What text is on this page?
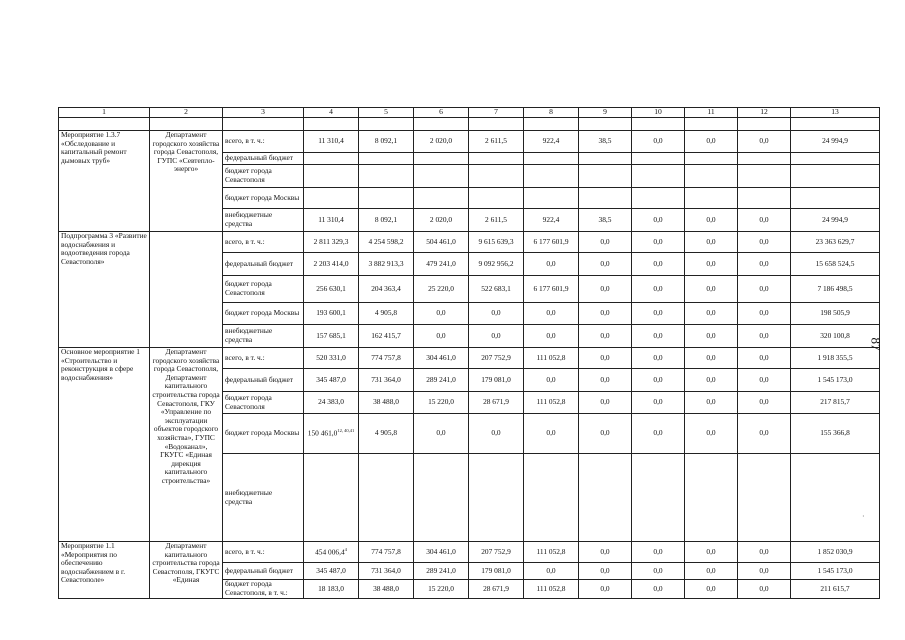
1	2	3	4	5	6	7	8	9	10	11	12	13

Мероприятие 1.3.7 «Обследование и капитальный ремонт дымовых труб»	Департамент городского хозяйства города Севастополя, ГУПС «Севтепло-энерго»	всего, в т. ч.:	11 310,4	8 092,1	2 020,0	2 611,5	922,4	38,5	0,0	0,0	0,0	24 994,9
		федеральный бюджет										
		бюджет города Севастополя										
		бюджет города Москвы										
		внебюджетные средства	11 310,4	8 092,1	2 020,0	2 611,5	922,4	38,5	0,0	0,0	0,0	24 994,9
Подпрограмма 3 «Развитие водоснабжения и водоотведения города Севастополя»		всего, в т. ч.:	2 811 329,3	4 254 598,2	504 461,0	9 615 639,3	6 177 601,9	0,0	0,0	0,0	0,0	23 363 629,7
		федеральный бюджет	2 203 414,0	3 882 913,3	479 241,0	9 092 956,2	0,0	0,0	0,0	0,0	0,0	15 658 524,5
		бюджет города Севастополя	256 630,1	204 363,4	25 220,0	522 683,1	6 177 601,9	0,0	0,0	0,0	0,0	7 186 498,5
		бюджет города Москвы	193 600,1	4 905,8	0,0	0,0	0,0	0,0	0,0	0,0	0,0	198 505,9
		внебюджетные средства	157 685,1	162 415,7	0,0	0,0	0,0	0,0	0,0	0,0	0,0	320 100,8
Основное мероприятие 1 «Строительство и реконструкция в сфере водоснабжения»	Департамент городского хозяйства города Севастополя, Департамент капитального строительства города Севастополя, ГКУ «Управление по эксплуатации объектов городского хозяйства», ГУПС «Водоканал», ГКУГС «Единая дирекция капитального строительства»	всего, в т. ч.:	520 331,0	774 757,8	304 461,0	207 752,9	111 052,8	0,0	0,0	0,0	0,0	1 918 355,5
		федеральный бюджет	345 487,0	731 364,0	289 241,0	179 081,0	0,0	0,0	0,0	0,0	0,0	1 545 173,0
		бюджет города Севастополя	24 383,0	38 488,0	15 220,0	28 671,9	111 052,8	0,0	0,0	0,0	0,0	217 815,7
		бюджет города Москвы	150 461,0$^{12, 40,41}$	4 905,8	0,0	0,0	0,0	0,0	0,0	0,0	0,0	155 366,8
		внебюджетные средства										
Мероприятие 1.1 «Мероприятия по обеспечению водоснабжением в г. Севастополе»	Департамент капитального строительства города Севастополя, ГКУГС «Единая	всего, в т. ч.:	454 006,4$^4$	774 757,8	304 461,0	207 752,9	111 052,8	0,0	0,0	0,0	0,0	1 852 030,9
		федеральный бюджет	345 487,0	731 364,0	289 241,0	179 081,0	0,0	0,0	0,0	0,0	0,0	1 545 173,0
		бюджет города Севастополя, в т. ч.:	18 183,0	38 488,0	15 220,0	28 671,9	111 052,8	0,0	0,0	0,0	0,0	211 615,7
87
·
